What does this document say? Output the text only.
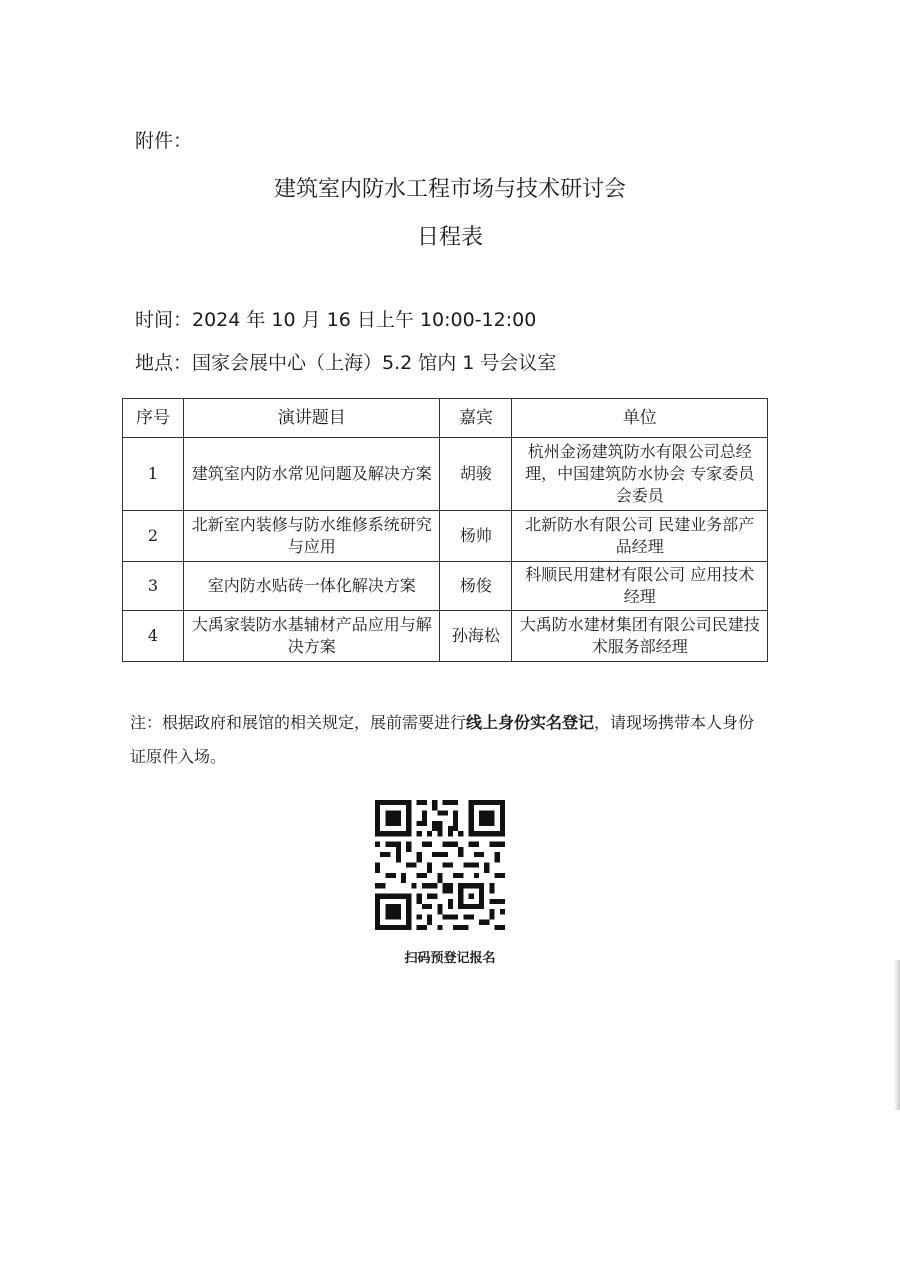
附件：
建筑室内防水工程市场与技术研讨会
日程表
时间：2024 年 10 月 16 日上午 10:00-12:00
地点：国家会展中心（上海）5.2 馆内 1 号会议室
序号	演讲题目	嘉宾	单位
1	建筑室内防水常见问题及解决方案	胡骏	杭州金汤建筑防水有限公司总经理，中国建筑防水协会 专家委员会委员
2	北新室内装修与防水维修系统研究与应用	杨帅	北新防水有限公司 民建业务部产品经理
3	室内防水贴砖一体化解决方案	杨俊	科顺民用建材有限公司 应用技术经理
4	大禹家装防水基辅材产品应用与解决方案	孙海松	大禹防水建材集团有限公司民建技术服务部经理
注：根据政府和展馆的相关规定，展前需要进行线上身份实名登记，请现场携带本人身份证原件入场。
扫码预登记报名
